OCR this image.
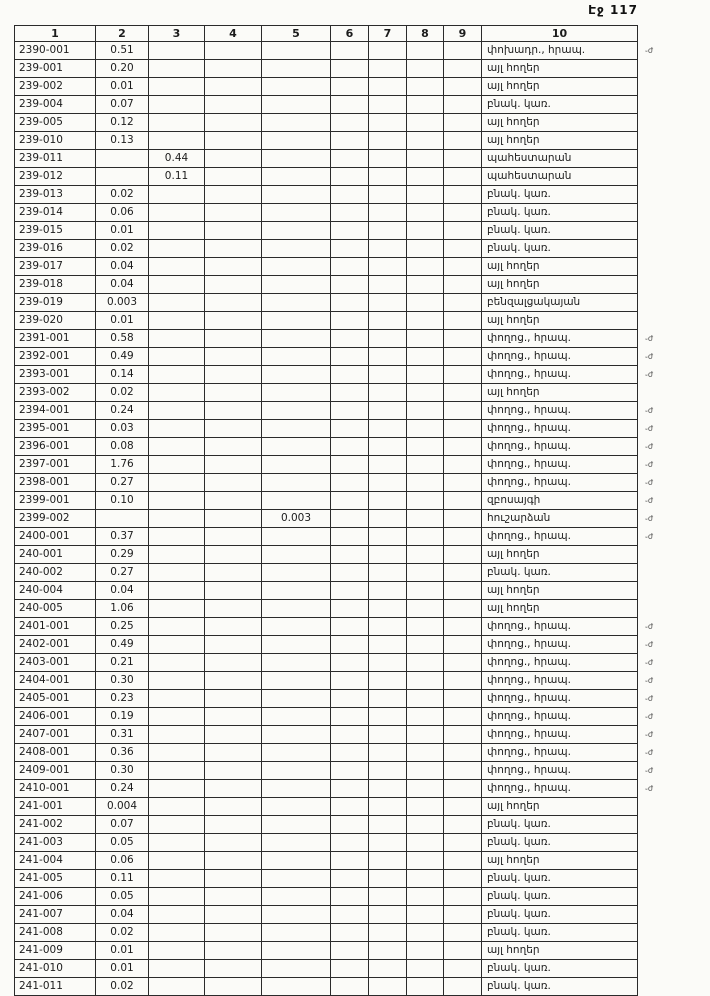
Էջ 117
1	2	3	4	5	6	7	8	9	10	
2390-001	0.51								փոխադր., հրապ.	֊ժ
239-001	0.20								այլ հողեր	
239-002	0.01								այլ հողեր	
239-004	0.07								բնակ. կառ.	
239-005	0.12								այլ հողեր	
239-010	0.13								այլ հողեր	
239-011		0.44							պահեստարան	
239-012		0.11							պահեստարան	
239-013	0.02								բնակ. կառ.	
239-014	0.06								բնակ. կառ.	
239-015	0.01								բնակ. կառ.	
239-016	0.02								բնակ. կառ.	
239-017	0.04								այլ հողեր	
239-018	0.04								այլ հողեր	
239-019	0.003								բենզալցակայան	
239-020	0.01								այլ հողեր	
2391-001	0.58								փողոց., հրապ.	֊ժ
2392-001	0.49								փողոց., հրապ.	֊ժ
2393-001	0.14								փողոց., հրապ.	֊ժ
2393-002	0.02								այլ հողեր	
2394-001	0.24								փողոց., հրապ.	֊ժ
2395-001	0.03								փողոց., հրապ.	֊ժ
2396-001	0.08								փողոց., հրապ.	֊ժ
2397-001	1.76								փողոց., հրապ.	֊ժ
2398-001	0.27								փողոց., հրապ.	֊ժ
2399-001	0.10								զբոսայգի	֊ժ
2399-002				0.003					հուշարձան	֊ժ
2400-001	0.37								փողոց., հրապ.	֊ժ
240-001	0.29								այլ հողեր	
240-002	0.27								բնակ. կառ.	
240-004	0.04								այլ հողեր	
240-005	1.06								այլ հողեր	
2401-001	0.25								փողոց., հրապ.	֊ժ
2402-001	0.49								փողոց., հրապ.	֊ժ
2403-001	0.21								փողոց., հրապ.	֊ժ
2404-001	0.30								փողոց., հրապ.	֊ժ
2405-001	0.23								փողոց., հրապ.	֊ժ
2406-001	0.19								փողոց., հրապ.	֊ժ
2407-001	0.31								փողոց., հրապ.	֊ժ
2408-001	0.36								փողոց., հրապ.	֊ժ
2409-001	0.30								փողոց., հրապ.	֊ժ
2410-001	0.24								փողոց., հրապ.	֊ժ
241-001	0.004								այլ հողեր	
241-002	0.07								բնակ. կառ.	
241-003	0.05								բնակ. կառ.	
241-004	0.06								այլ հողեր	
241-005	0.11								բնակ. կառ.	
241-006	0.05								բնակ. կառ.	
241-007	0.04								բնակ. կառ.	
241-008	0.02								բնակ. կառ.	
241-009	0.01								այլ հողեր	
241-010	0.01								բնակ. կառ.	
241-011	0.02								բնակ. կառ.	
